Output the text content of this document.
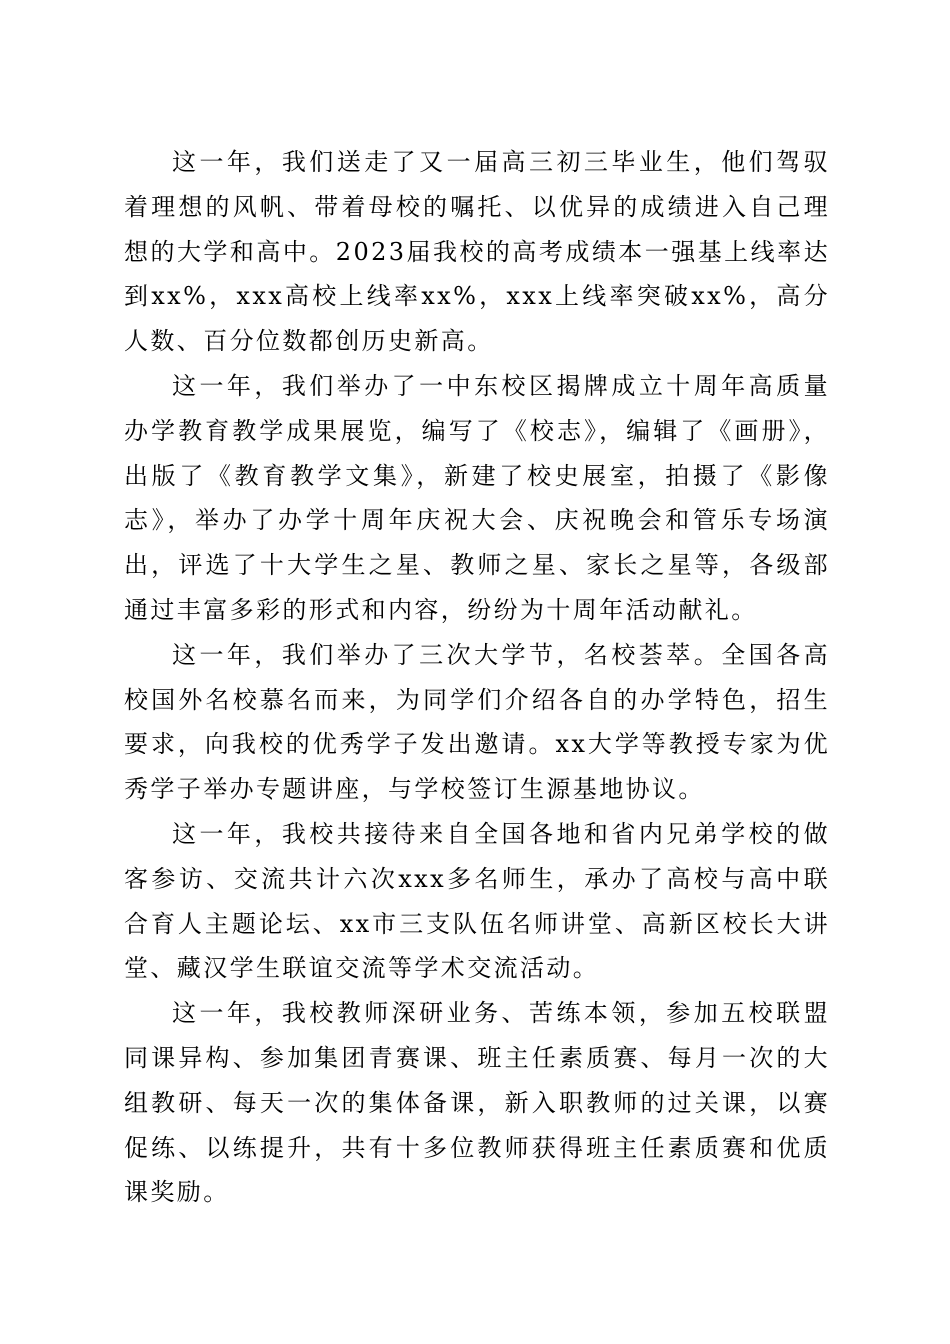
这一年，我们送走了又一届高三初三毕业生，他们驾驭着理想的风帆、带着母校的嘱托、以优异的成绩进入自己理想的大学和高中。2023届我校的高考成绩本一强基上线率达到xx%，xxx高校上线率xx%，xxx上线率突破xx%，高分人数、百分位数都创历史新高。

这一年，我们举办了一中东校区揭牌成立十周年高质量办学教育教学成果展览，编写了《校志》，编辑了《画册》，出版了《教育教学文集》，新建了校史展室，拍摄了《影像志》，举办了办学十周年庆祝大会、庆祝晚会和管乐专场演出，评选了十大学生之星、教师之星、家长之星等，各级部通过丰富多彩的形式和内容，纷纷为十周年活动献礼。

这一年，我们举办了三次大学节，名校荟萃。全国各高校国外名校慕名而来，为同学们介绍各自的办学特色，招生要求，向我校的优秀学子发出邀请。xx大学等教授专家为优秀学子举办专题讲座，与学校签订生源基地协议。

这一年，我校共接待来自全国各地和省内兄弟学校的做客参访、交流共计六次xxx多名师生，承办了高校与高中联合育人主题论坛、xx市三支队伍名师讲堂、高新区校长大讲堂、藏汉学生联谊交流等学术交流活动。

这一年，我校教师深研业务、苦练本领，参加五校联盟同课异构、参加集团青赛课、班主任素质赛、每月一次的大组教研、每天一次的集体备课，新入职教师的过关课，以赛促练、以练提升，共有十多位教师获得班主任素质赛和优质课奖励。
